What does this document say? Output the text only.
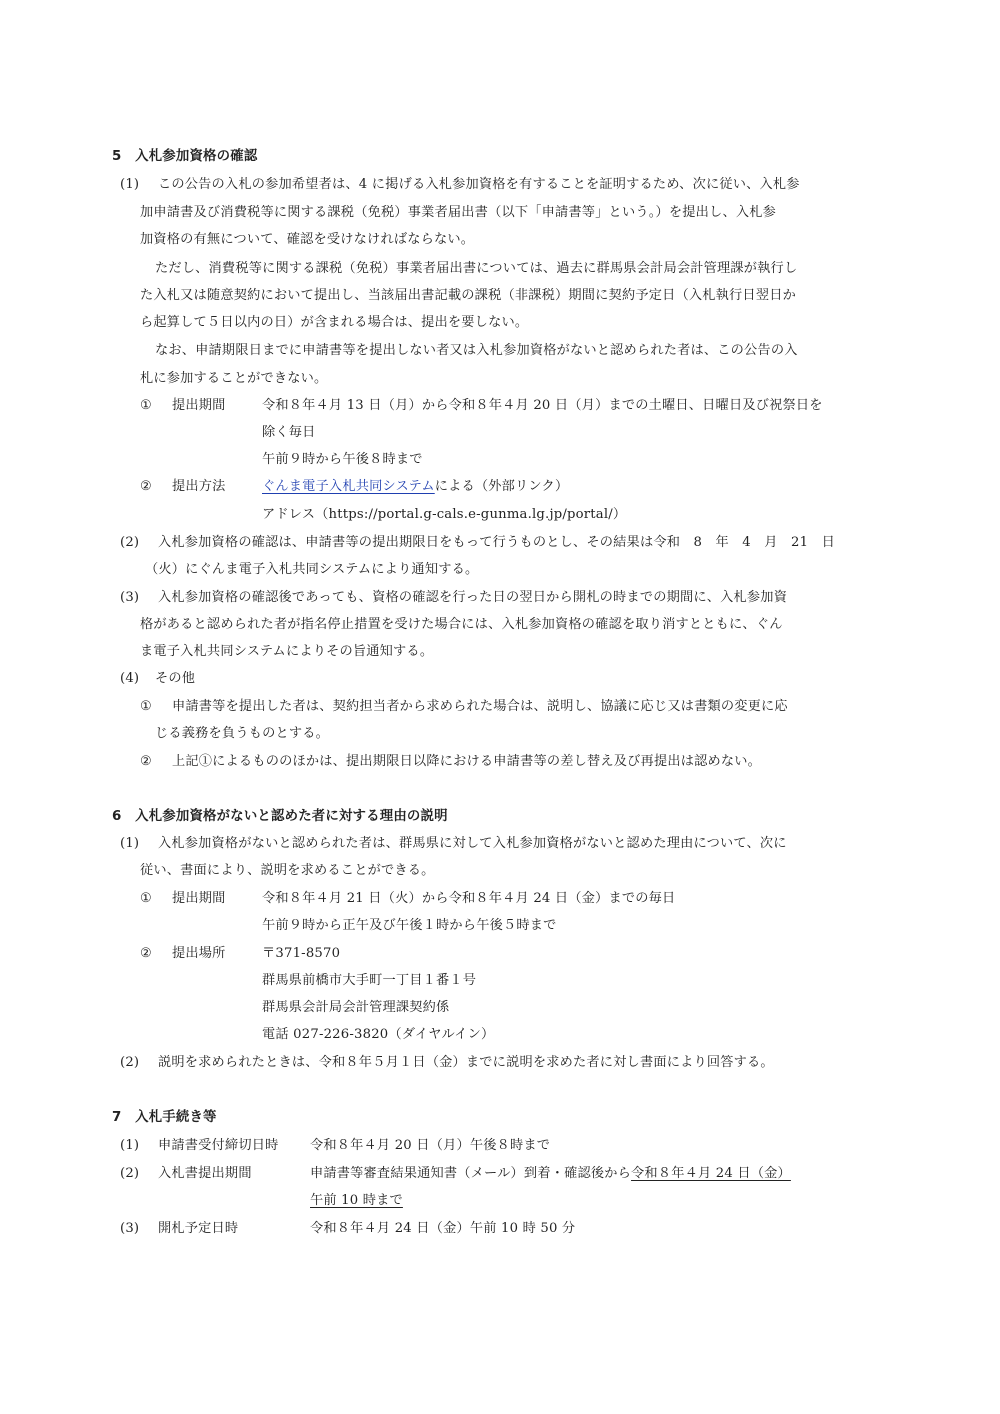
5　入札参加資格の確認
(1) この公告の入札の参加希望者は、4 に掲げる入札参加資格を有することを証明するため、次に従い、入札参
加申請書及び消費税等に関する課税（免税）事業者届出書（以下「申請書等」という。）を提出し、入札参
加資格の有無について、確認を受けなければならない。
ただし、消費税等に関する課税（免税）事業者届出書については、過去に群馬県会計局会計管理課が執行し
た入札又は随意契約において提出し、当該届出書記載の課税（非課税）期間に契約予定日（入札執行日翌日か
ら起算して５日以内の日）が含まれる場合は、提出を要しない。
なお、申請期限日までに申請書等を提出しない者又は入札参加資格がないと認められた者は、この公告の入
札に参加することができない。
① 提出期間	令和８年４月 13 日（月）から令和８年４月 20 日（月）までの土曜日、日曜日及び祝祭日を
除く毎日
午前９時から午後８時まで
② 提出方法	ぐんま電子入札共同システムによる（外部リンク）
アドレス（https://portal.g-cals.e-gunma.lg.jp/portal/）
(2) 入札参加資格の確認は、申請書等の提出期限日をもって行うものとし、その結果は令和　8　年　4　月　21　日
（火）にぐんま電子入札共同システムにより通知する。
(3) 入札参加資格の確認後であっても、資格の確認を行った日の翌日から開札の時までの期間に、入札参加資
格があると認められた者が指名停止措置を受けた場合には、入札参加資格の確認を取り消すとともに、ぐん
ま電子入札共同システムによりその旨通知する。
(4) その他
① 申請書等を提出した者は、契約担当者から求められた場合は、説明し、協議に応じ又は書類の変更に応
じる義務を負うものとする。
② 上記①によるもののほかは、提出期限日以降における申請書等の差し替え及び再提出は認めない。
6　入札参加資格がないと認めた者に対する理由の説明
(1) 入札参加資格がないと認められた者は、群馬県に対して入札参加資格がないと認めた理由について、次に
従い、書面により、説明を求めることができる。
① 提出期間	令和８年４月 21 日（火）から令和８年４月 24 日（金）までの毎日
午前９時から正午及び午後１時から午後５時まで
② 提出場所	〒371-8570
群馬県前橋市大手町一丁目１番１号
群馬県会計局会計管理課契約係
電話 027-226-3820（ダイヤルイン）
(2) 説明を求められたときは、令和８年５月１日（金）までに説明を求めた者に対し書面により回答する。
7　入札手続き等
(1) 申請書受付締切日時 令和８年４月 20 日（月）午後８時まで
(2) 入札書提出期間	申請書等審査結果通知書（メール）到着・確認後から令和８年４月 24 日（金）
午前 10 時まで
(3) 開札予定日時	令和８年４月 24 日（金）午前 10 時 50 分
